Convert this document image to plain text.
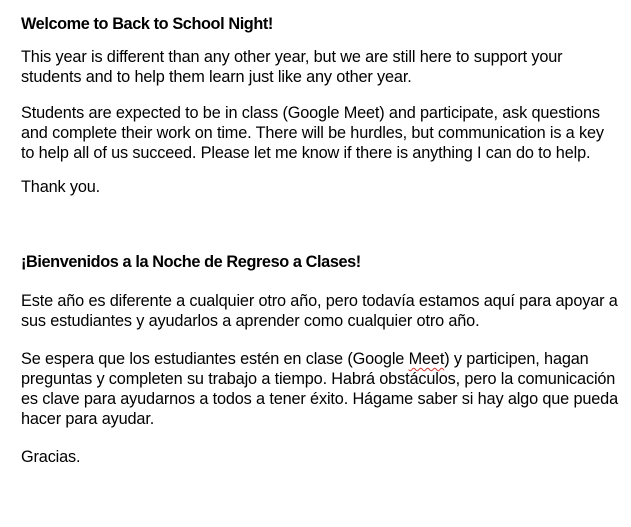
Welcome to Back to School Night!

This year is different than any other year, but we are still here to support your students and to help them learn just like any other year.

Students are expected to be in class (Google Meet) and participate, ask questions and complete their work on time. There will be hurdles, but communication is a key to help all of us succeed. Please let me know if there is anything I can do to help.

Thank you.

¡Bienvenidos a la Noche de Regreso a Clases!

Este año es diferente a cualquier otro año, pero todavía estamos aquí para apoyar a sus estudiantes y ayudarlos a aprender como cualquier otro año.

Se espera que los estudiantes estén en clase (Google Meet) y participen, hagan preguntas y completen su trabajo a tiempo. Habrá obstáculos, pero la comunicación es clave para ayudarnos a todos a tener éxito. Hágame saber si hay algo que pueda hacer para ayudar.

Gracias.
